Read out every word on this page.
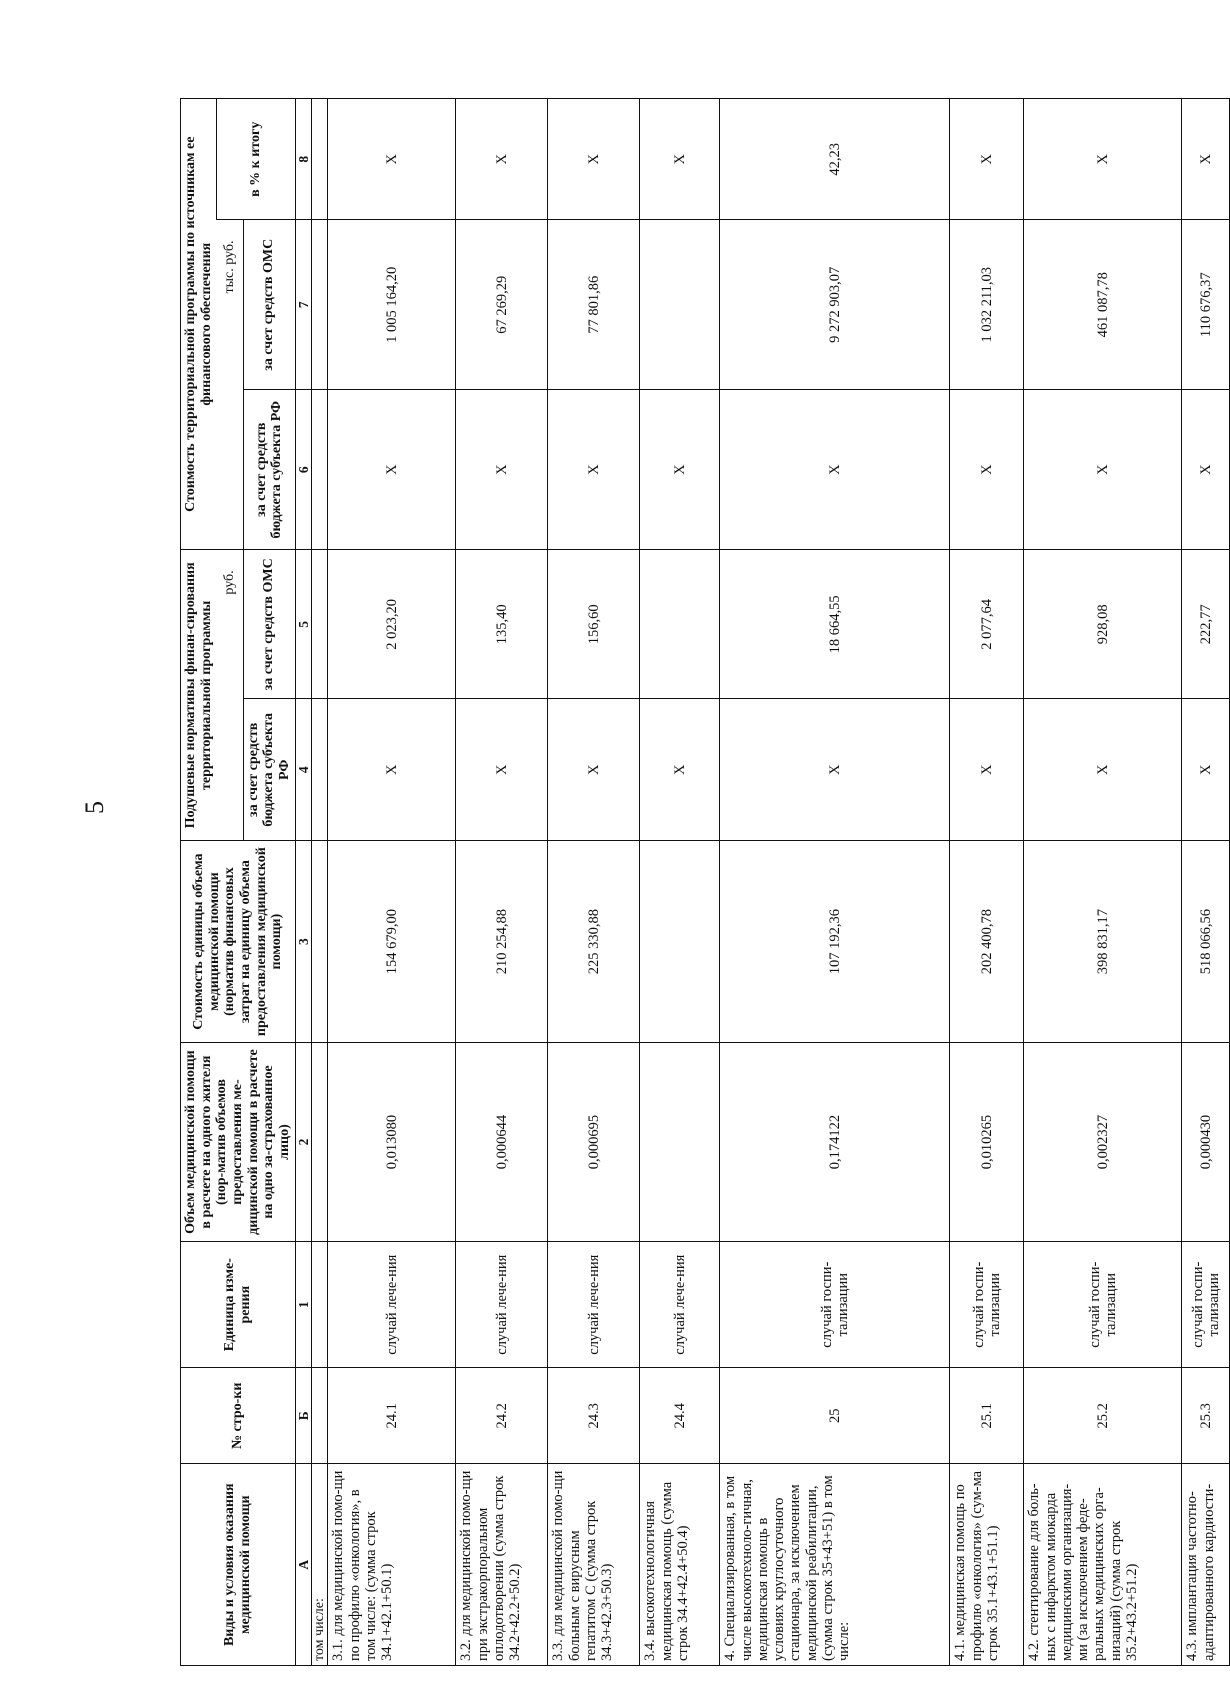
5
Виды и условия оказания медицинской помощи	№ стро-ки	Единица изме-рения	Объем медицинской помощи в расчете на одного жителя (нор-матив объемов предоставления ме-дицинской помощи в расчете на одно за-страхованное лицо)	Стоимость единицы объема медицинской помощи (норматив финансовых затрат на единицу объема предоставления медицинской помощи)	Подушевые нормативы финан-сирования территориальной программы		Стоимость территориальной программы по источникам ее финансового обеспечения		
					руб.		тыс. руб.		в % к итогу
					за счет средств бюджета субъекта РФ	за счет средств ОМС	за счет средств бюджета субъекта РФ	за счет средств ОМС	
А	Б	1	2	3	4	5	6	7	8
том числе:									
3.1. для медицинской помо-щи по профилю «онкология», в том числе: (сумма строк 34.1+42.1+50.1)	24.1	случай лече-ния	0,013080	154 679,00	X	2 023,20	X	1 005 164,20	X
3.2. для медицинской помо-щи при экстракорпоральном оплодотворении (сумма строк 34.2+42.2+50.2)	24.2	случай лече-ния	0,000644	210 254,88	X	135,40	X	67 269,29	X
3.3. для медицинской помо-щи больным с вирусным гепатитом С (сумма строк 34.3+42.3+50.3)	24.3	случай лече-ния	0,000695	225 330,88	X	156,60	X	77 801,86	X
3.4. высокотехнологичная медицинская помощь (сумма строк 34.4+42.4+50.4)	24.4	случай лече-ния			X		X		X
4. Специализированная, в том числе высокотехноло-гичная, медицинская помощь в условиях круглосуточного стационара, за исключением медицинской реабилитации, (сумма строк 35+43+51) в том числе:	25	случай госпи-тализации	0,174122	107 192,36	X	18 664,55	X	9 272 903,07	42,23
4.1. медицинская помощь по профилю «онкология» (сум-ма строк 35.1+43.1+51.1)	25.1	случай госпи-тализации	0,010265	202 400,78	X	2 077,64	X	1 032 211,03	X
4.2. стентирование для боль-ных с инфарктом миокарда медицинскими организация-ми (за исключением феде-ральных медицинских орга-низаций) (сумма строк 35.2+43.2+51.2)	25.2	случай госпи-тализации	0,002327	398 831,17	X	928,08	X	461 087,78	X
4.3. имплантация частотно-адаптированного кардиости-	25.3	случай госпи-тализации	0,000430	518 066,56	X	222,77	X	110 676,37	X
